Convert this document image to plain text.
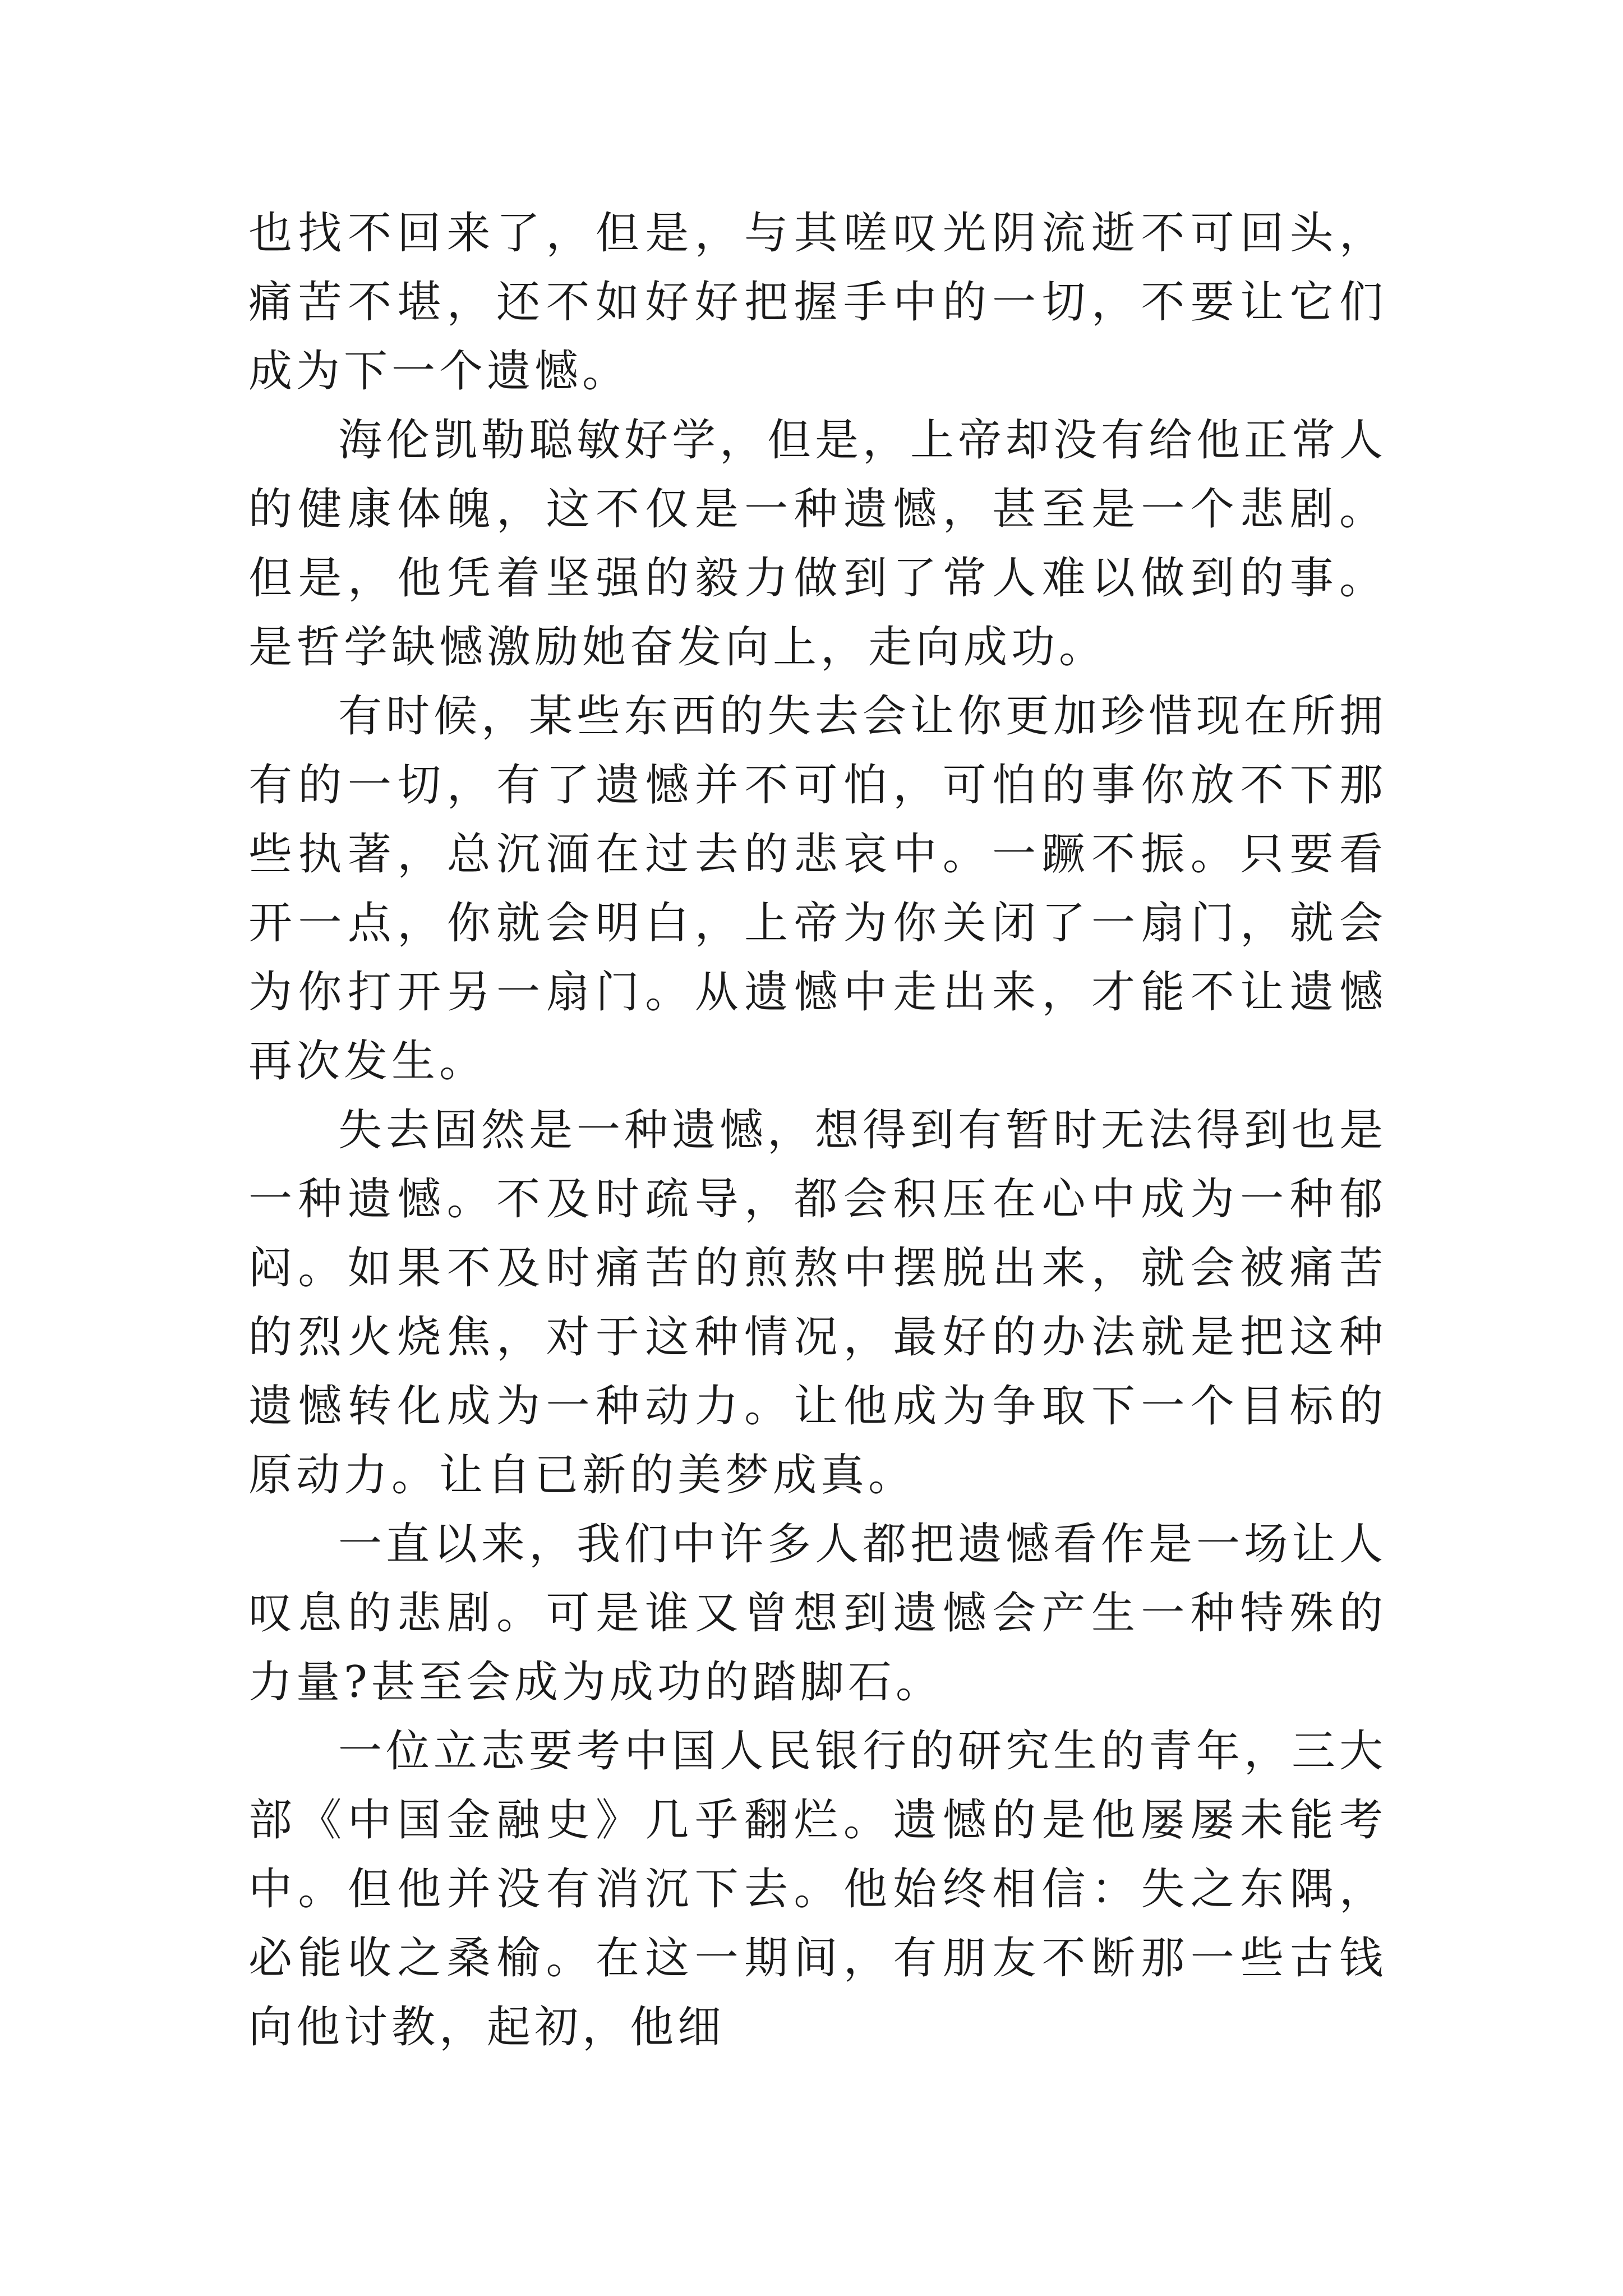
也找不回来了，但是，与其嗟叹光阴流逝不可回头，痛苦不堪，还不如好好把握手中的一切，不要让它们成为下一个遗憾。

海伦凯勒聪敏好学，但是，上帝却没有给他正常人的健康体魄，这不仅是一种遗憾，甚至是一个悲剧。但是，他凭着坚强的毅力做到了常人难以做到的事。是哲学缺憾激励她奋发向上，走向成功。

有时候，某些东西的失去会让你更加珍惜现在所拥有的一切，有了遗憾并不可怕，可怕的事你放不下那些执著，总沉湎在过去的悲哀中。一蹶不振。只要看开一点，你就会明白，上帝为你关闭了一扇门，就会为你打开另一扇门。从遗憾中走出来，才能不让遗憾再次发生。

失去固然是一种遗憾，想得到有暂时无法得到也是一种遗憾。不及时疏导，都会积压在心中成为一种郁闷。如果不及时痛苦的煎熬中摆脱出来，就会被痛苦的烈火烧焦，对于这种情况，最好的办法就是把这种遗憾转化成为一种动力。让他成为争取下一个目标的原动力。让自已新的美梦成真。

一直以来，我们中许多人都把遗憾看作是一场让人叹息的悲剧。可是谁又曾想到遗憾会产生一种特殊的力量?甚至会成为成功的踏脚石。

一位立志要考中国人民银行的研究生的青年，三大部《中国金融史》几乎翻烂。遗憾的是他屡屡未能考中。但他并没有消沉下去。他始终相信：失之东隅，必能收之桑榆。在这一期间，有朋友不断那一些古钱向他讨教，起初，他细
